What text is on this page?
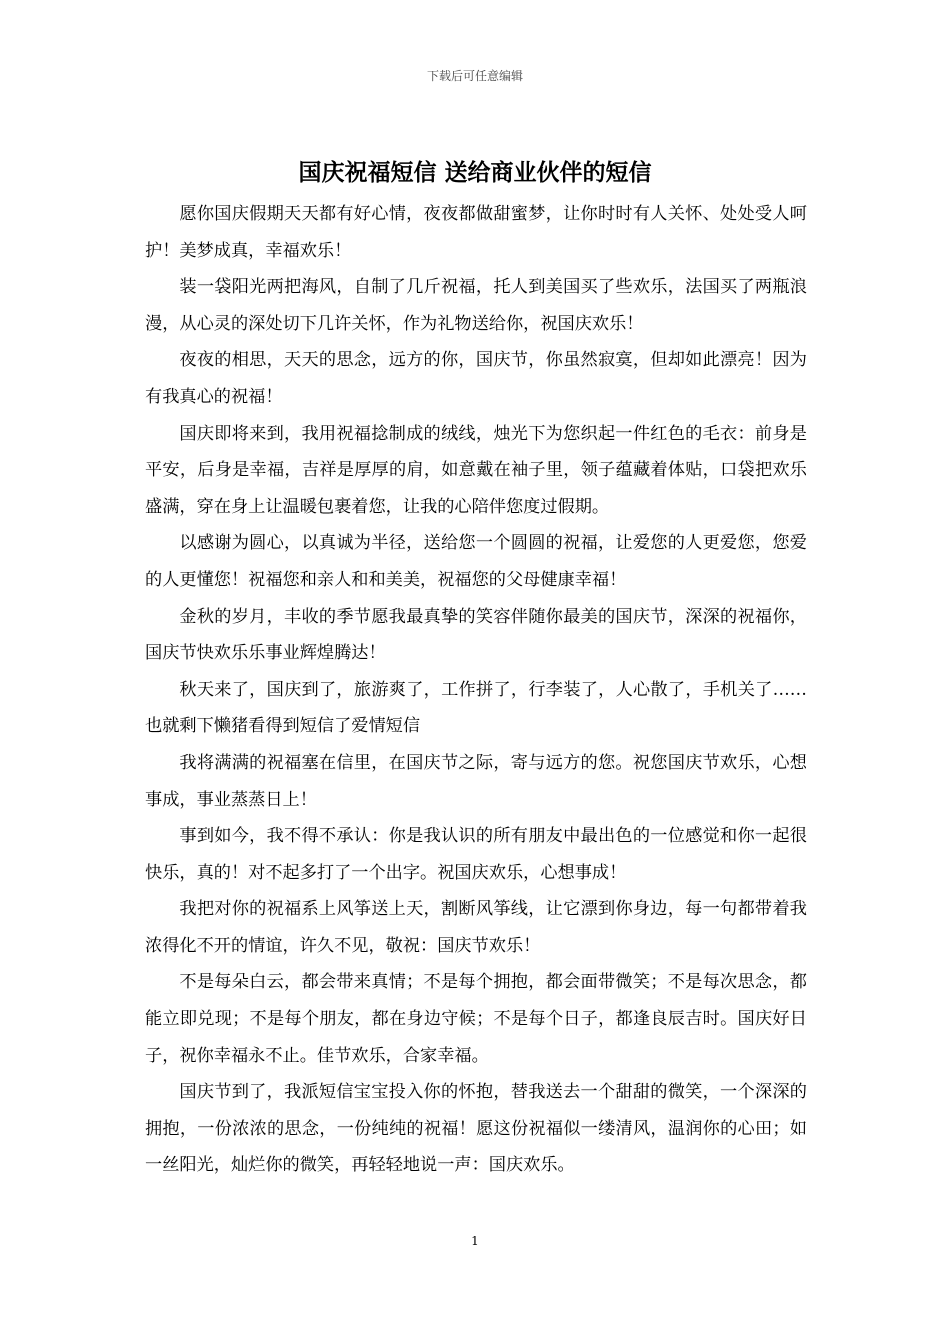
下载后可任意编辑
国庆祝福短信 送给商业伙伴的短信

愿你国庆假期天天都有好心情，夜夜都做甜蜜梦，让你时时有人关怀、处处受人呵护！美梦成真，幸福欢乐！

装一袋阳光两把海风，自制了几斤祝福，托人到美国买了些欢乐，法国买了两瓶浪漫，从心灵的深处切下几许关怀，作为礼物送给你，祝国庆欢乐！

夜夜的相思，天天的思念，远方的你，国庆节，你虽然寂寞，但却如此漂亮！因为有我真心的祝福！

国庆即将来到，我用祝福捻制成的绒线，烛光下为您织起一件红色的毛衣：前身是平安，后身是幸福，吉祥是厚厚的肩，如意戴在袖子里，领子蕴藏着体贴，口袋把欢乐盛满，穿在身上让温暖包裹着您，让我的心陪伴您度过假期。

以感谢为圆心，以真诚为半径，送给您一个圆圆的祝福，让爱您的人更爱您，您爱的人更懂您！祝福您和亲人和和美美，祝福您的父母健康幸福！

金秋的岁月，丰收的季节愿我最真挚的笑容伴随你最美的国庆节，深深的祝福你，国庆节快欢乐乐事业辉煌腾达！

秋天来了，国庆到了，旅游爽了，工作拼了，行李装了，人心散了，手机关了……也就剩下懒猪看得到短信了爱情短信

我将满满的祝福塞在信里，在国庆节之际，寄与远方的您。祝您国庆节欢乐，心想事成，事业蒸蒸日上！

事到如今，我不得不承认：你是我认识的所有朋友中最出色的一位感觉和你一起很快乐，真的！对不起多打了一个出字。祝国庆欢乐，心想事成！

我把对你的祝福系上风筝送上天，割断风筝线，让它漂到你身边，每一句都带着我浓得化不开的情谊，许久不见，敬祝：国庆节欢乐！

不是每朵白云，都会带来真情；不是每个拥抱，都会面带微笑；不是每次思念，都能立即兑现；不是每个朋友，都在身边守候；不是每个日子，都逢良辰吉时。国庆好日子，祝你幸福永不止。佳节欢乐，合家幸福。

国庆节到了，我派短信宝宝投入你的怀抱，替我送去一个甜甜的微笑，一个深深的拥抱，一份浓浓的思念，一份纯纯的祝福！愿这份祝福似一缕清风，温润你的心田；如一丝阳光，灿烂你的微笑，再轻轻地说一声：国庆欢乐。

1
